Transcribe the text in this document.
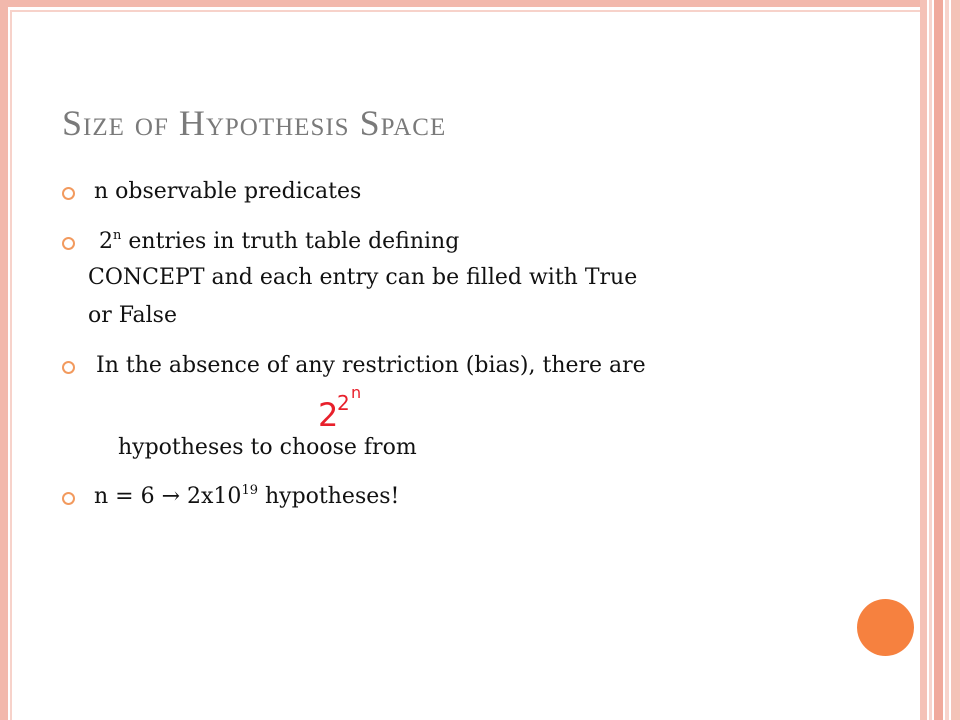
Size of Hypothesis Space
n observable predicates
2$^n$ entries in truth table defining
CONCEPT and each entry can be filled with True
or False
In the absence of any restriction (bias), there are
hypotheses to choose from
$n = 6 \to 2x10^{19}$ hypotheses!
2
2 n
